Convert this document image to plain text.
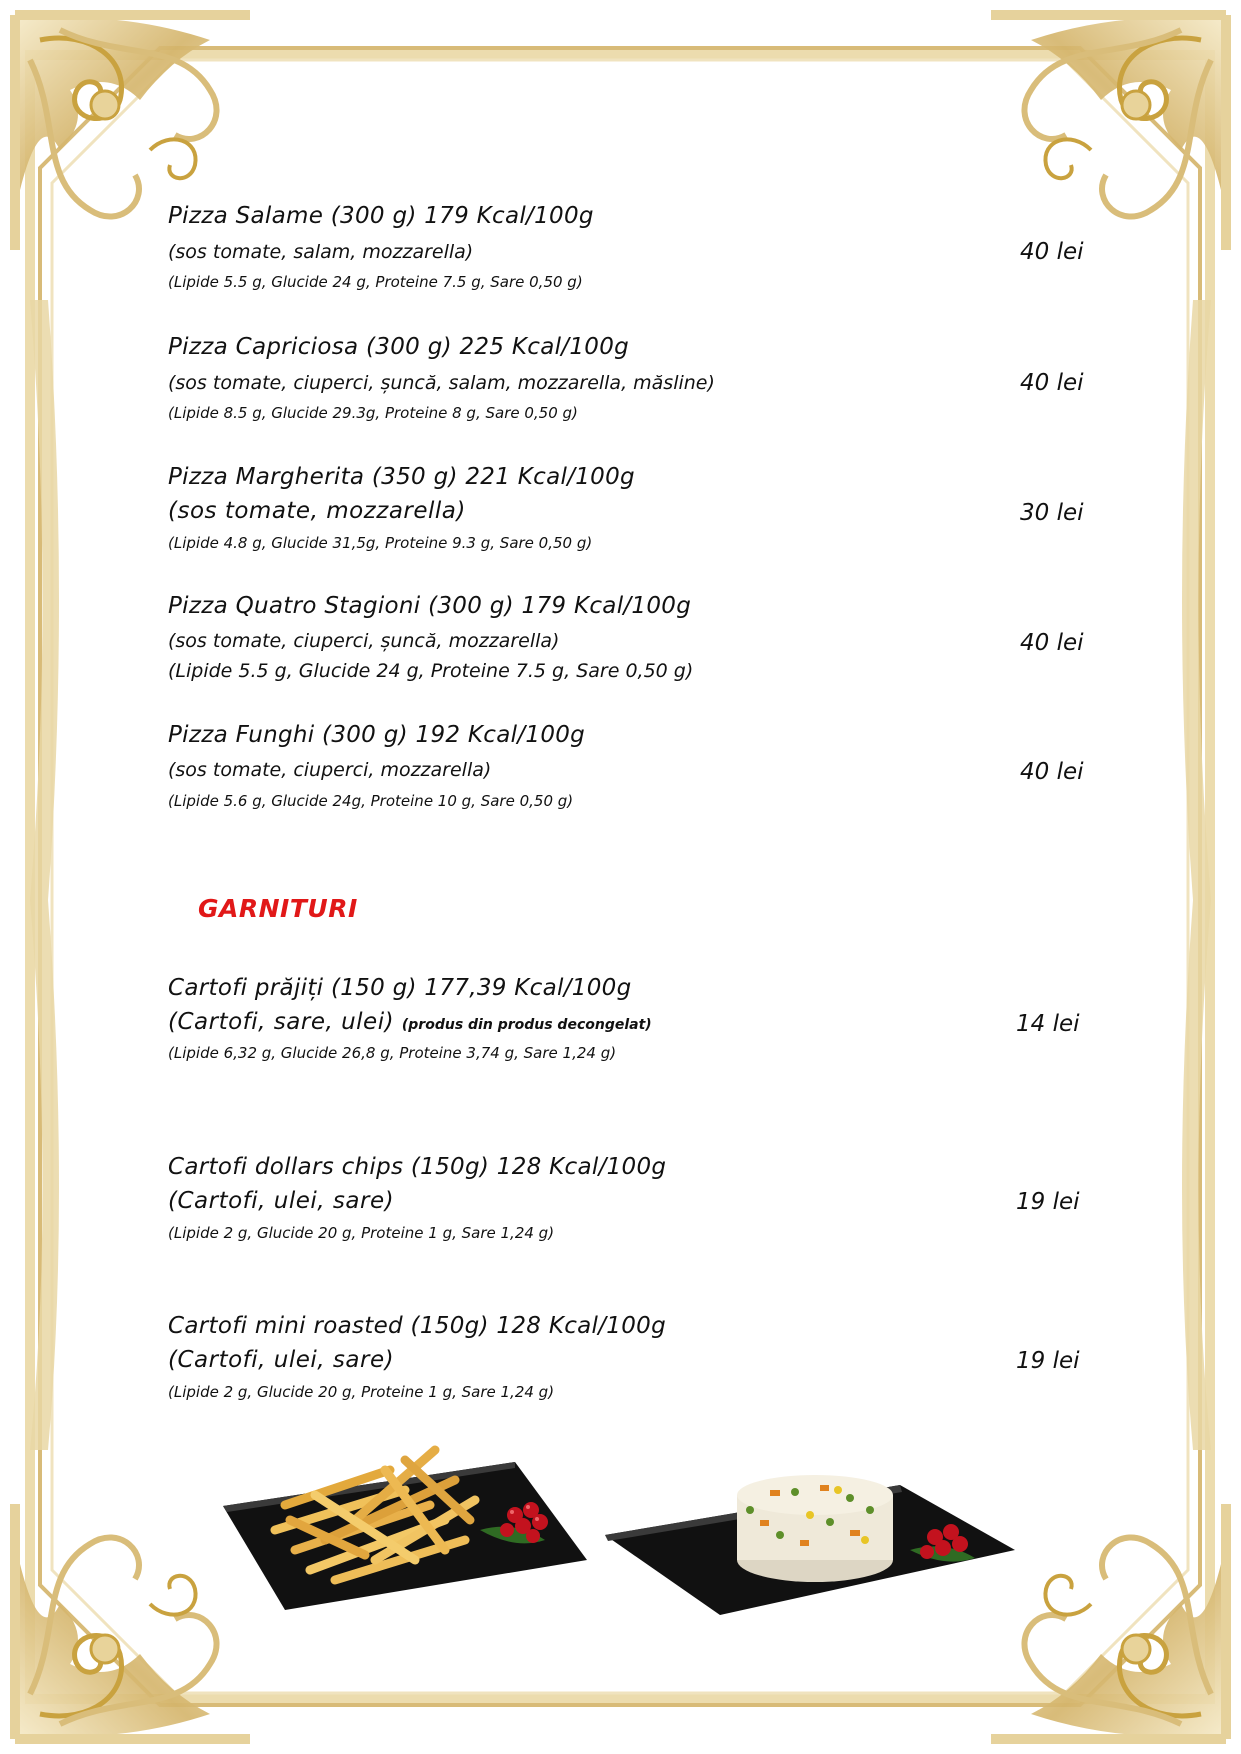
Pizza Salame (300 g) 179 Kcal/100g
(sos tomate, salam, mozzarella)
(Lipide 5.5 g, Glucide 24 g, Proteine 7.5 g, Sare 0,50 g)
40 lei
Pizza Capriciosa (300 g) 225 Kcal/100g
(sos tomate, ciuperci, șuncă, salam, mozzarella, măsline)
(Lipide 8.5 g, Glucide 29.3g, Proteine 8 g, Sare 0,50 g)
40 lei
Pizza Margherita (350 g) 221 Kcal/100g
(sos tomate, mozzarella)
(Lipide 4.8 g, Glucide 31,5g, Proteine 9.3 g, Sare 0,50 g)
30 lei
Pizza Quatro Stagioni (300 g) 179 Kcal/100g
(sos tomate, ciuperci, șuncă, mozzarella)
(Lipide 5.5 g, Glucide 24 g, Proteine 7.5 g, Sare 0,50 g)
40 lei
Pizza Funghi (300 g) 192 Kcal/100g
(sos tomate, ciuperci, mozzarella)
(Lipide 5.6 g, Glucide 24g, Proteine 10 g, Sare 0,50 g)
40 lei
GARNITURI
Cartofi prăjiți (150 g) 177,39 Kcal/100g
(Cartofi, sare, ulei) (produs din produs decongelat)
(Lipide 6,32 g, Glucide 26,8 g, Proteine 3,74 g, Sare 1,24 g)
14 lei
Cartofi dollars chips (150g) 128 Kcal/100g
(Cartofi, ulei, sare)
(Lipide 2 g, Glucide 20 g, Proteine 1 g, Sare 1,24 g)
19 lei
Cartofi mini roasted (150g) 128 Kcal/100g
(Cartofi, ulei, sare)
(Lipide 2 g, Glucide 20 g, Proteine 1 g, Sare 1,24 g)
19 lei
